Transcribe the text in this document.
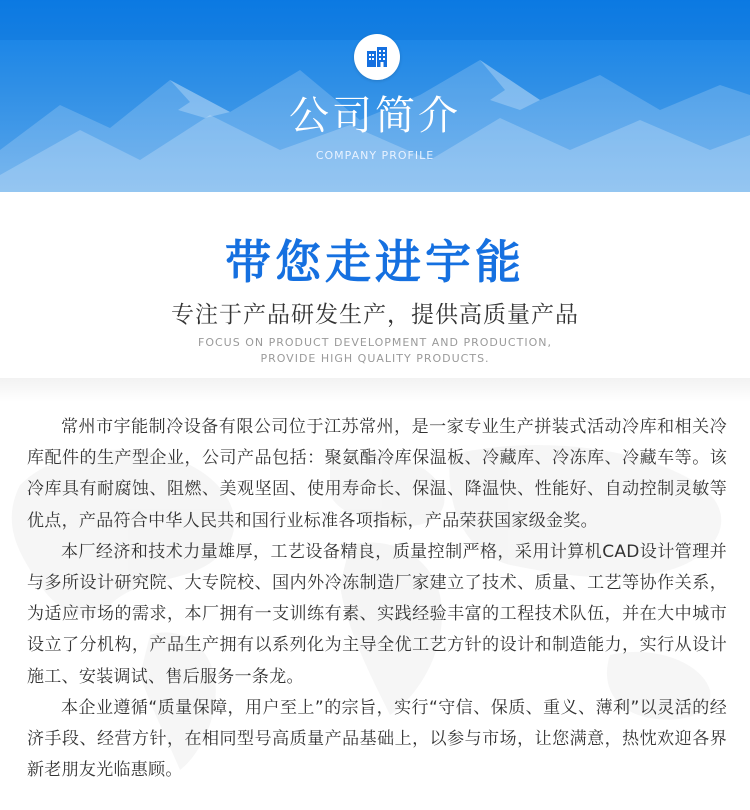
公司简介
COMPANY PROFILE
带您走进宇能
专注于产品研发生产，提供高质量产品
FOCUS ON PRODUCT DEVELOPMENT AND PRODUCTION,
PROVIDE HIGH QUALITY PRODUCTS.

常州市宇能制冷设备有限公司位于江苏常州，是一家专业生产拼装式活动冷库和相关冷库配件的生产型企业，公司产品包括：聚氨酯冷库保温板、冷藏库、冷冻库、冷藏车等。该冷库具有耐腐蚀、阻燃、美观坚固、使用寿命长、保温、降温快、性能好、自动控制灵敏等优点，产品符合中华人民共和国行业标准各项指标，产品荣获国家级金奖。

本厂经济和技术力量雄厚，工艺设备精良，质量控制严格，采用计算机CAD设计管理并与多所设计研究院、大专院校、国内外冷冻制造厂家建立了技术、质量、工艺等协作关系，为适应市场的需求，本厂拥有一支训练有素、实践经验丰富的工程技术队伍，并在大中城市设立了分机构，产品生产拥有以系列化为主导全优工艺方针的设计和制造能力，实行从设计施工、安装调试、售后服务一条龙。

本企业遵循“质量保障，用户至上”的宗旨，实行“守信、保质、重义、薄利”以灵活的经济手段、经营方针，在相同型号高质量产品基础上，以参与市场，让您满意，热忱欢迎各界新老朋友光临惠顾。
